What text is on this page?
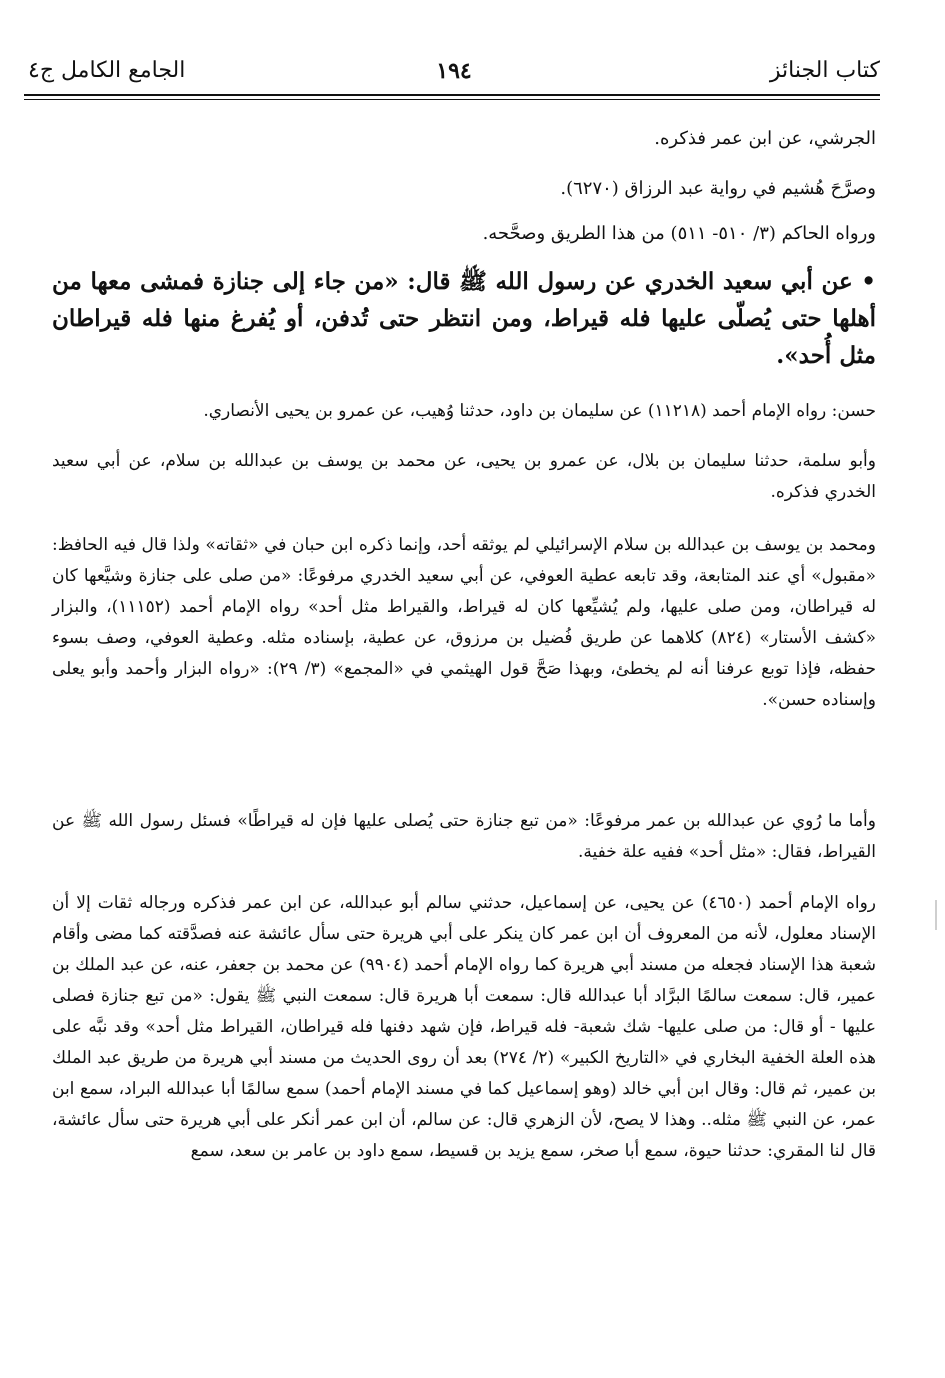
كتاب الجنائز
١٩٤
الجامع الكامل ج٤

الجرشي، عن ابن عمر فذكره.

وصرَّحَ هُشيم في رواية عبد الرزاق (٦٢٧٠).

ورواه الحاكم (٣/ ٥١٠- ٥١١) من هذا الطريق وصحَّحه.

• عن أبي سعيد الخدري عن رسول الله ﷺ قال: «من جاء إلى جنازة فمشى معها من أهلها حتى يُصلّى عليها فله قيراط، ومن انتظر حتى تُدفن، أو يُفرغ منها فله قيراطان مثل أُحد».

حسن: رواه الإمام أحمد (١١٢١٨) عن سليمان بن داود، حدثنا وُهيب، عن عمرو بن يحيى الأنصاري.

وأبو سلمة، حدثنا سليمان بن بلال، عن عمرو بن يحيى، عن محمد بن يوسف بن عبدالله بن سلام، عن أبي سعيد الخدري فذكره.

ومحمد بن يوسف بن عبدالله بن سلام الإسرائيلي لم يوثقه أحد، وإنما ذكره ابن حبان في «ثقاته» ولذا قال فيه الحافظ: «مقبول» أي عند المتابعة، وقد تابعه عطية العوفي، عن أبي سعيد الخدري مرفوعًا: «من صلى على جنازة وشيَّعها كان له قيراطان، ومن صلى عليها، ولم يُشيِّعها كان له قيراط، والقيراط مثل أحد» رواه الإمام أحمد (١١١٥٢)، والبزار «كشف الأستار» (٨٢٤) كلاهما عن طريق فُضيل بن مرزوق، عن عطية، بإسناده مثله. وعطية العوفي، وصف بسوء حفظه، فإذا توبع عرفنا أنه لم يخطئ، وبهذا صَحَّ قول الهيثمي في «المجمع» (٣/ ٢٩): «رواه البزار وأحمد وأبو يعلى وإسناده حسن».

وأما ما رُوي عن عبدالله بن عمر مرفوعًا: «من تبع جنازة حتى يُصلى عليها فإن له قيراطًا» فسئل رسول الله ﷺ عن القيراط، فقال: «مثل أحد» ففيه علة خفية.

رواه الإمام أحمد (٤٦٥٠) عن يحيى، عن إسماعيل، حدثني سالم أبو عبدالله، عن ابن عمر فذكره ورجاله ثقات إلا أن الإسناد معلول، لأنه من المعروف أن ابن عمر كان ينكر على أبي هريرة حتى سأل عائشة عنه فصدَّقته كما مضى وأقام شعبة هذا الإسناد فجعله من مسند أبي هريرة كما رواه الإمام أحمد (٩٩٠٤) عن محمد بن جعفر، عنه، عن عبد الملك بن عمير، قال: سمعت سالمًا البرَّاد أبا عبدالله قال: سمعت أبا هريرة قال: سمعت النبي ﷺ يقول: «من تبع جنازة فصلى عليها - أو قال: من صلى عليها- شك شعبة- فله قيراط، فإن شهد دفنها فله قيراطان، القيراط مثل أحد» وقد نبَّه على هذه العلة الخفية البخاري في «التاريخ الكبير» (٢/ ٢٧٤) بعد أن روى الحديث من مسند أبي هريرة من طريق عبد الملك بن عمير، ثم قال: وقال ابن أبي خالد (وهو إسماعيل كما في مسند الإمام أحمد) سمع سالمًا أبا عبدالله البراد، سمع ابن عمر، عن النبي ﷺ مثله.. وهذا لا يصح، لأن الزهري قال: عن سالم، أن ابن عمر أنكر على أبي هريرة حتى سأل عائشة، قال لنا المقري: حدثنا حيوة، سمع أبا صخر، سمع يزيد بن قسيط، سمع داود بن عامر بن سعد، سمع
